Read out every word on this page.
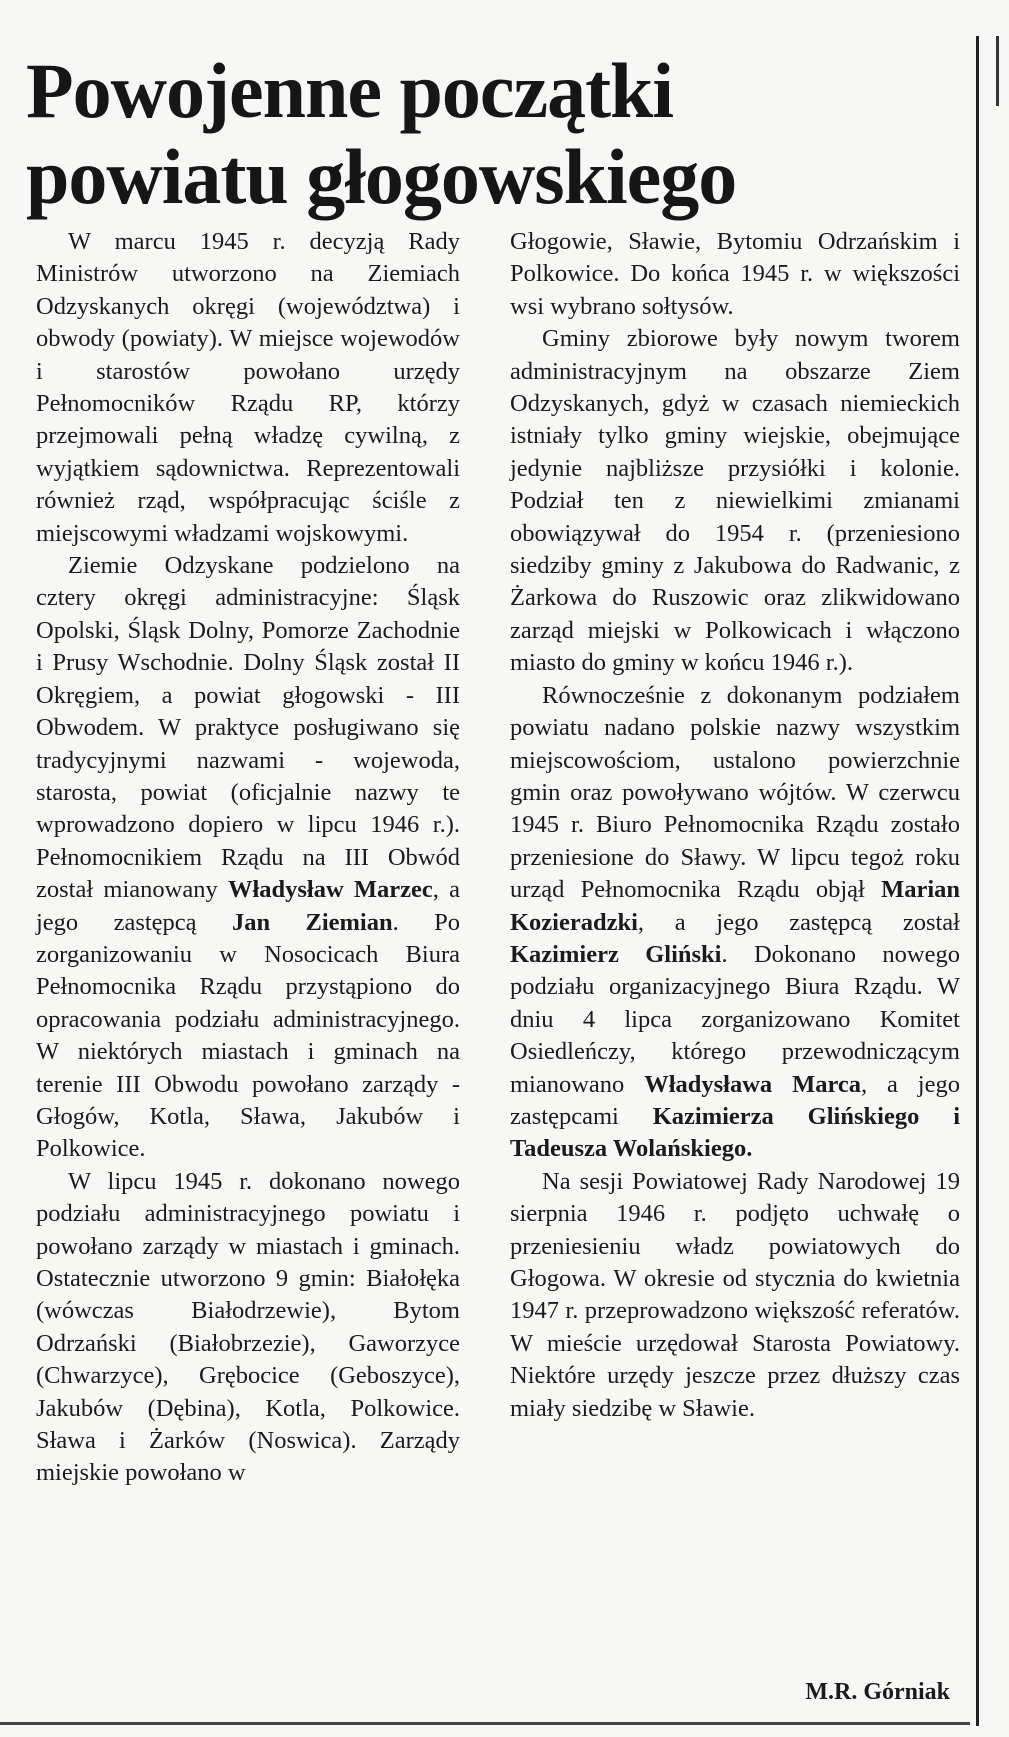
Powojenne początki
powiatu głogowskiego

W marcu 1945 r. decyzją Rady Ministrów utworzono na Ziemiach Odzyskanych okręgi (województwa) i obwody (powiaty). W miejsce wojewodów i starostów powołano urzędy Pełnomocników Rządu RP, którzy przejmowali pełną władzę cywilną, z wyjątkiem sądownictwa. Reprezentowali również rząd, współpracując ściśle z miejscowymi władzami wojskowymi.

Ziemie Odzyskane podzielono na cztery okręgi administracyjne: Śląsk Opolski, Śląsk Dolny, Pomorze Zachodnie i Prusy Wschodnie. Dolny Śląsk został II Okręgiem, a powiat głogowski - III Obwodem. W praktyce posługiwano się tradycyjnymi nazwami - wojewoda, starosta, powiat (oficjalnie nazwy te wprowadzono dopiero w lipcu 1946 r.). Pełnomocnikiem Rządu na III Obwód został mianowany Władysław Marzec, a jego zastępcą Jan Ziemian. Po zorganizowaniu w Nosocicach Biura Pełnomocnika Rządu przystąpiono do opracowania podziału administracyjnego. W niektórych miastach i gminach na terenie III Obwodu powołano zarządy - Głogów, Kotla, Sława, Jakubów i Polkowice.

W lipcu 1945 r. dokonano nowego podziału administracyjnego powiatu i powołano zarządy w miastach i gminach. Ostatecznie utworzono 9 gmin: Białołęka (wówczas Białodrzewie), Bytom Odrzański (Białobrzezie), Gaworzyce (Chwarzyce), Grębocice (Geboszyce), Jakubów (Dębina), Kotla, Polkowice. Sława i Żarków (Noswica). Zarządy miejskie powołano w

Głogowie, Sławie, Bytomiu Odrzańskim i Polkowice. Do końca 1945 r. w większości wsi wybrano sołtysów.

Gminy zbiorowe były nowym tworem administracyjnym na obszarze Ziem Odzyskanych, gdyż w czasach niemieckich istniały tylko gminy wiejskie, obejmujące jedynie najbliższe przysiółki i kolonie. Podział ten z niewielkimi zmianami obowiązywał do 1954 r. (przeniesiono siedziby gminy z Jakubowa do Radwanic, z Żarkowa do Ruszowic oraz zlikwidowano zarząd miejski w Polkowicach i włączono miasto do gminy w końcu 1946 r.).

Równocześnie z dokonanym podziałem powiatu nadano polskie nazwy wszystkim miejscowościom, ustalono powierzchnie gmin oraz powoływano wójtów. W czerwcu 1945 r. Biuro Pełnomocnika Rządu zostało przeniesione do Sławy. W lipcu tegoż roku urząd Pełnomocnika Rządu objął Marian Kozieradzki, a jego zastępcą został Kazimierz Gliński. Dokonano nowego podziału organizacyjnego Biura Rządu. W dniu 4 lipca zorganizowano Komitet Osiedleńczy, którego przewodniczącym mianowano Władysława Marca, a jego zastępcami Kazimierza Glińskiego i Tadeusza Wolańskiego.

Na sesji Powiatowej Rady Narodowej 19 sierpnia 1946 r. podjęto uchwałę o przeniesieniu władz powiatowych do Głogowa. W okresie od stycznia do kwietnia 1947 r. przeprowadzono większość referatów. W mieście urzędował Starosta Powiatowy. Niektóre urzędy jeszcze przez dłuższy czas miały siedzibę w Sławie.

M.R. Górniak
